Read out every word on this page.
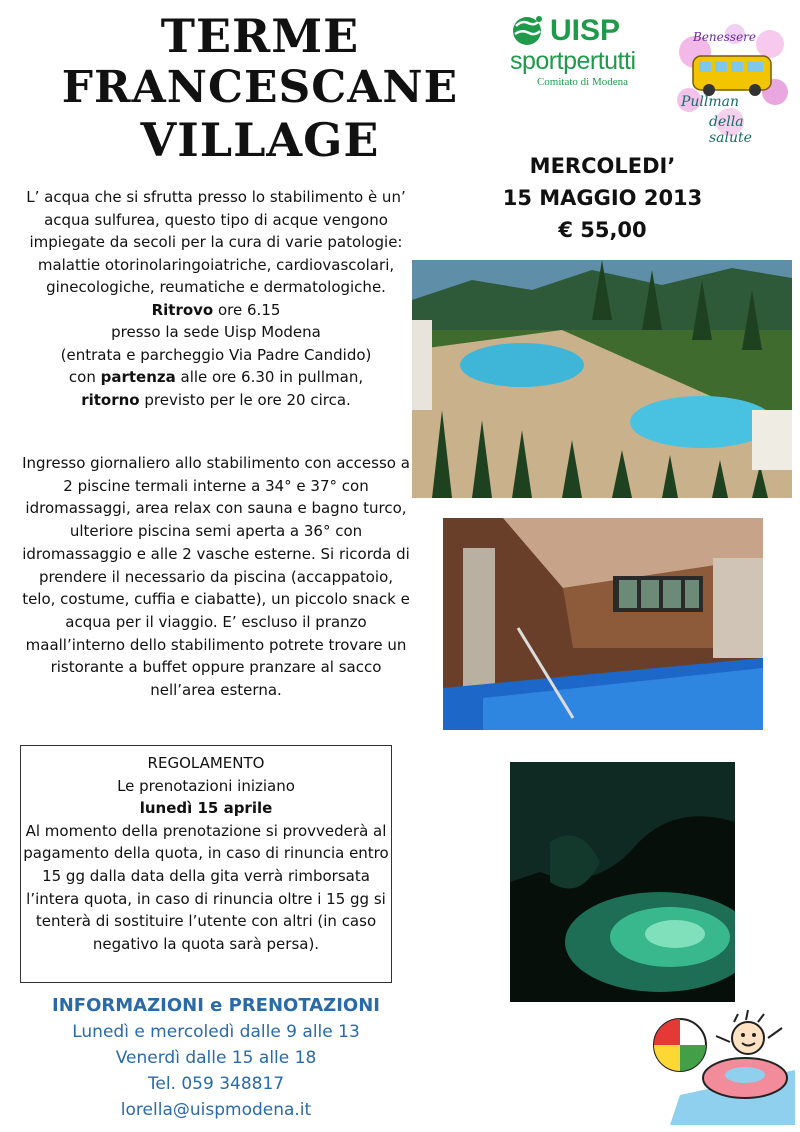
TERME
FRANCESCANE
VILLAGE
UISP
sportpertutti
Comitato di Modena
Benessere
Pullman
della salute
MERCOLEDI’
15 MAGGIO 2013
€ 55,00

L’ acqua che si sfrutta presso lo stabilimento è un’ acqua sulfurea, questo tipo di acque vengono impiegate da secoli per la cura di varie patologie: malattie otorinolaringoiatriche, cardiovascolari, ginecologiche, reumatiche e dermatologiche.

Ritrovo ore 6.15

presso la sede Uisp Modena

(entrata e parcheggio Via Padre Candido)

con partenza alle ore 6.30 in pullman,

ritorno previsto per le ore 20 circa.

Ingresso giornaliero allo stabilimento con accesso a 2 piscine termali interne a 34° e 37° con idromassaggi, area relax con sauna e bagno turco, ulteriore piscina semi aperta a 36° con idromassaggio e alle 2 vasche esterne. Si ricorda di prendere il necessario da piscina (accappatoio, telo, costume, cuffia e ciabatte), un piccolo snack e acqua per il viaggio. E’ escluso il pranzo maall’interno dello stabilimento potrete trovare un ristorante a buffet oppure pranzare al sacco nell’area esterna.
REGOLAMENTO
Le prenotazioni iniziano
lunedì 15 aprile
Al momento della prenotazione si provvederà al pagamento della quota, in caso di rinuncia entro 15 gg dalla data della gita verrà rimborsata l’intera quota, in caso di rinuncia oltre i 15 gg si tenterà di sostituire l’utente con altri (in caso negativo la quota sarà persa).
INFORMAZIONI e PRENOTAZIONI
Lunedì e mercoledì dalle 9 alle 13
Venerdì dalle 15 alle 18
Tel. 059 348817
lorella@uispmodena.it
